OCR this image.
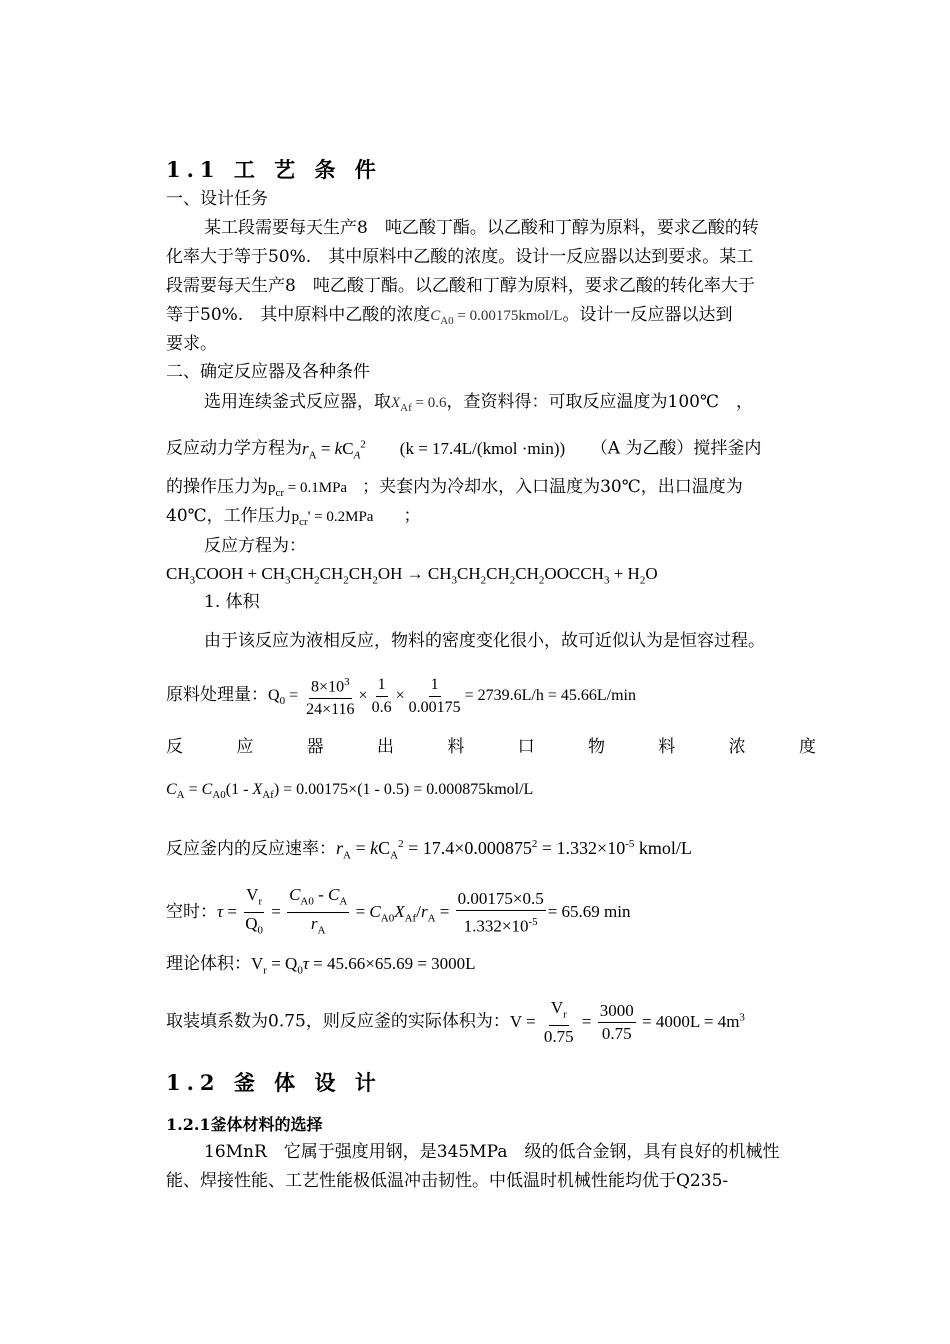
1.1 工 艺 条 件
一、设计任务
某工段需要每天生产8　吨乙酸丁酯。以乙酸和丁醇为原料，要求乙酸的转
化率大于等于50%.　其中原料中乙酸的浓度。设计一反应器以达到要求。某工
段需要每天生产8　吨乙酸丁酯。以乙酸和丁醇为原料，要求乙酸的转化率大于
等于50%.　其中原料中乙酸的浓度$C_{A0}$ = 0.00175kmol/L。设计一反应器以达到
要求。
二、确定反应器及各种条件
选用连续釜式反应器，取$X_{Af} = 0.6$，查资料得：可取反应温度为100℃　，
反应动力学方程为$r_A = kC_A^2$　　 (k = 17.4L/(kmol ·min))　　 （A 为乙酸）搅拌釜内
的操作压力为$p_{cr} = 0.1MPa$　 ；夹套内为冷却水，入口温度为30℃，出口温度为
40℃，工作压力$p_{cr}' = 0.2MPa$　　 ；
反应方程为：
$CH_3COOH + CH_3CH_2CH_2CH_2OH$ → $CH_3CH_2CH_2CH_2OOCCH_3 + H_2O$
1. 体积
由于该反应为液相反应，物料的密度变化很小，故可近似认为是恒容过程。
原料处理量：$Q_0 = \frac{8\times 10^3}{24\times 116} \times \frac{1}{0.6} \times \frac{1}{0.00175} = 2739.6L/h = 45.66L/\min$
反	应	器	出	料	口	物	料	浓	度
$C_A = C_{A0}(1 - X_{Af}) = 0.00175\times(1 - 0.5)$ = 0.000875kmol/L
反应釜内的反应速率：$r_A = kC_A^2 = 17.4\times 0.000875^2 = 1.332\times 10^{-5}$ kmol/L
空时：$\tau = \frac{V_r}{Q_0} = \frac{C_{A0} - C_A}{r_A} = C_{A0}X_{Af}/r_A = \frac{0.00175\times 0.5}{1.332\times 10^{-5}} = 65.69$ min
理论体积：$V_r = Q_0\tau = 45.66\times 65.69 = 3000L$
取装填系数为0.75，则反应釜的实际体积为：$V = \frac{V_r}{0.75} = \frac{3000}{0.75} = 4000L = 4m^3$
1.2 釜 体 设 计
1.2.1釜体材料的选择
16MnR　它属于强度用钢，是345MPa　级的低合金钢，具有良好的机械性
能、焊接性能、工艺性能极低温冲击韧性。中低温时机械性能均优于Q235-
